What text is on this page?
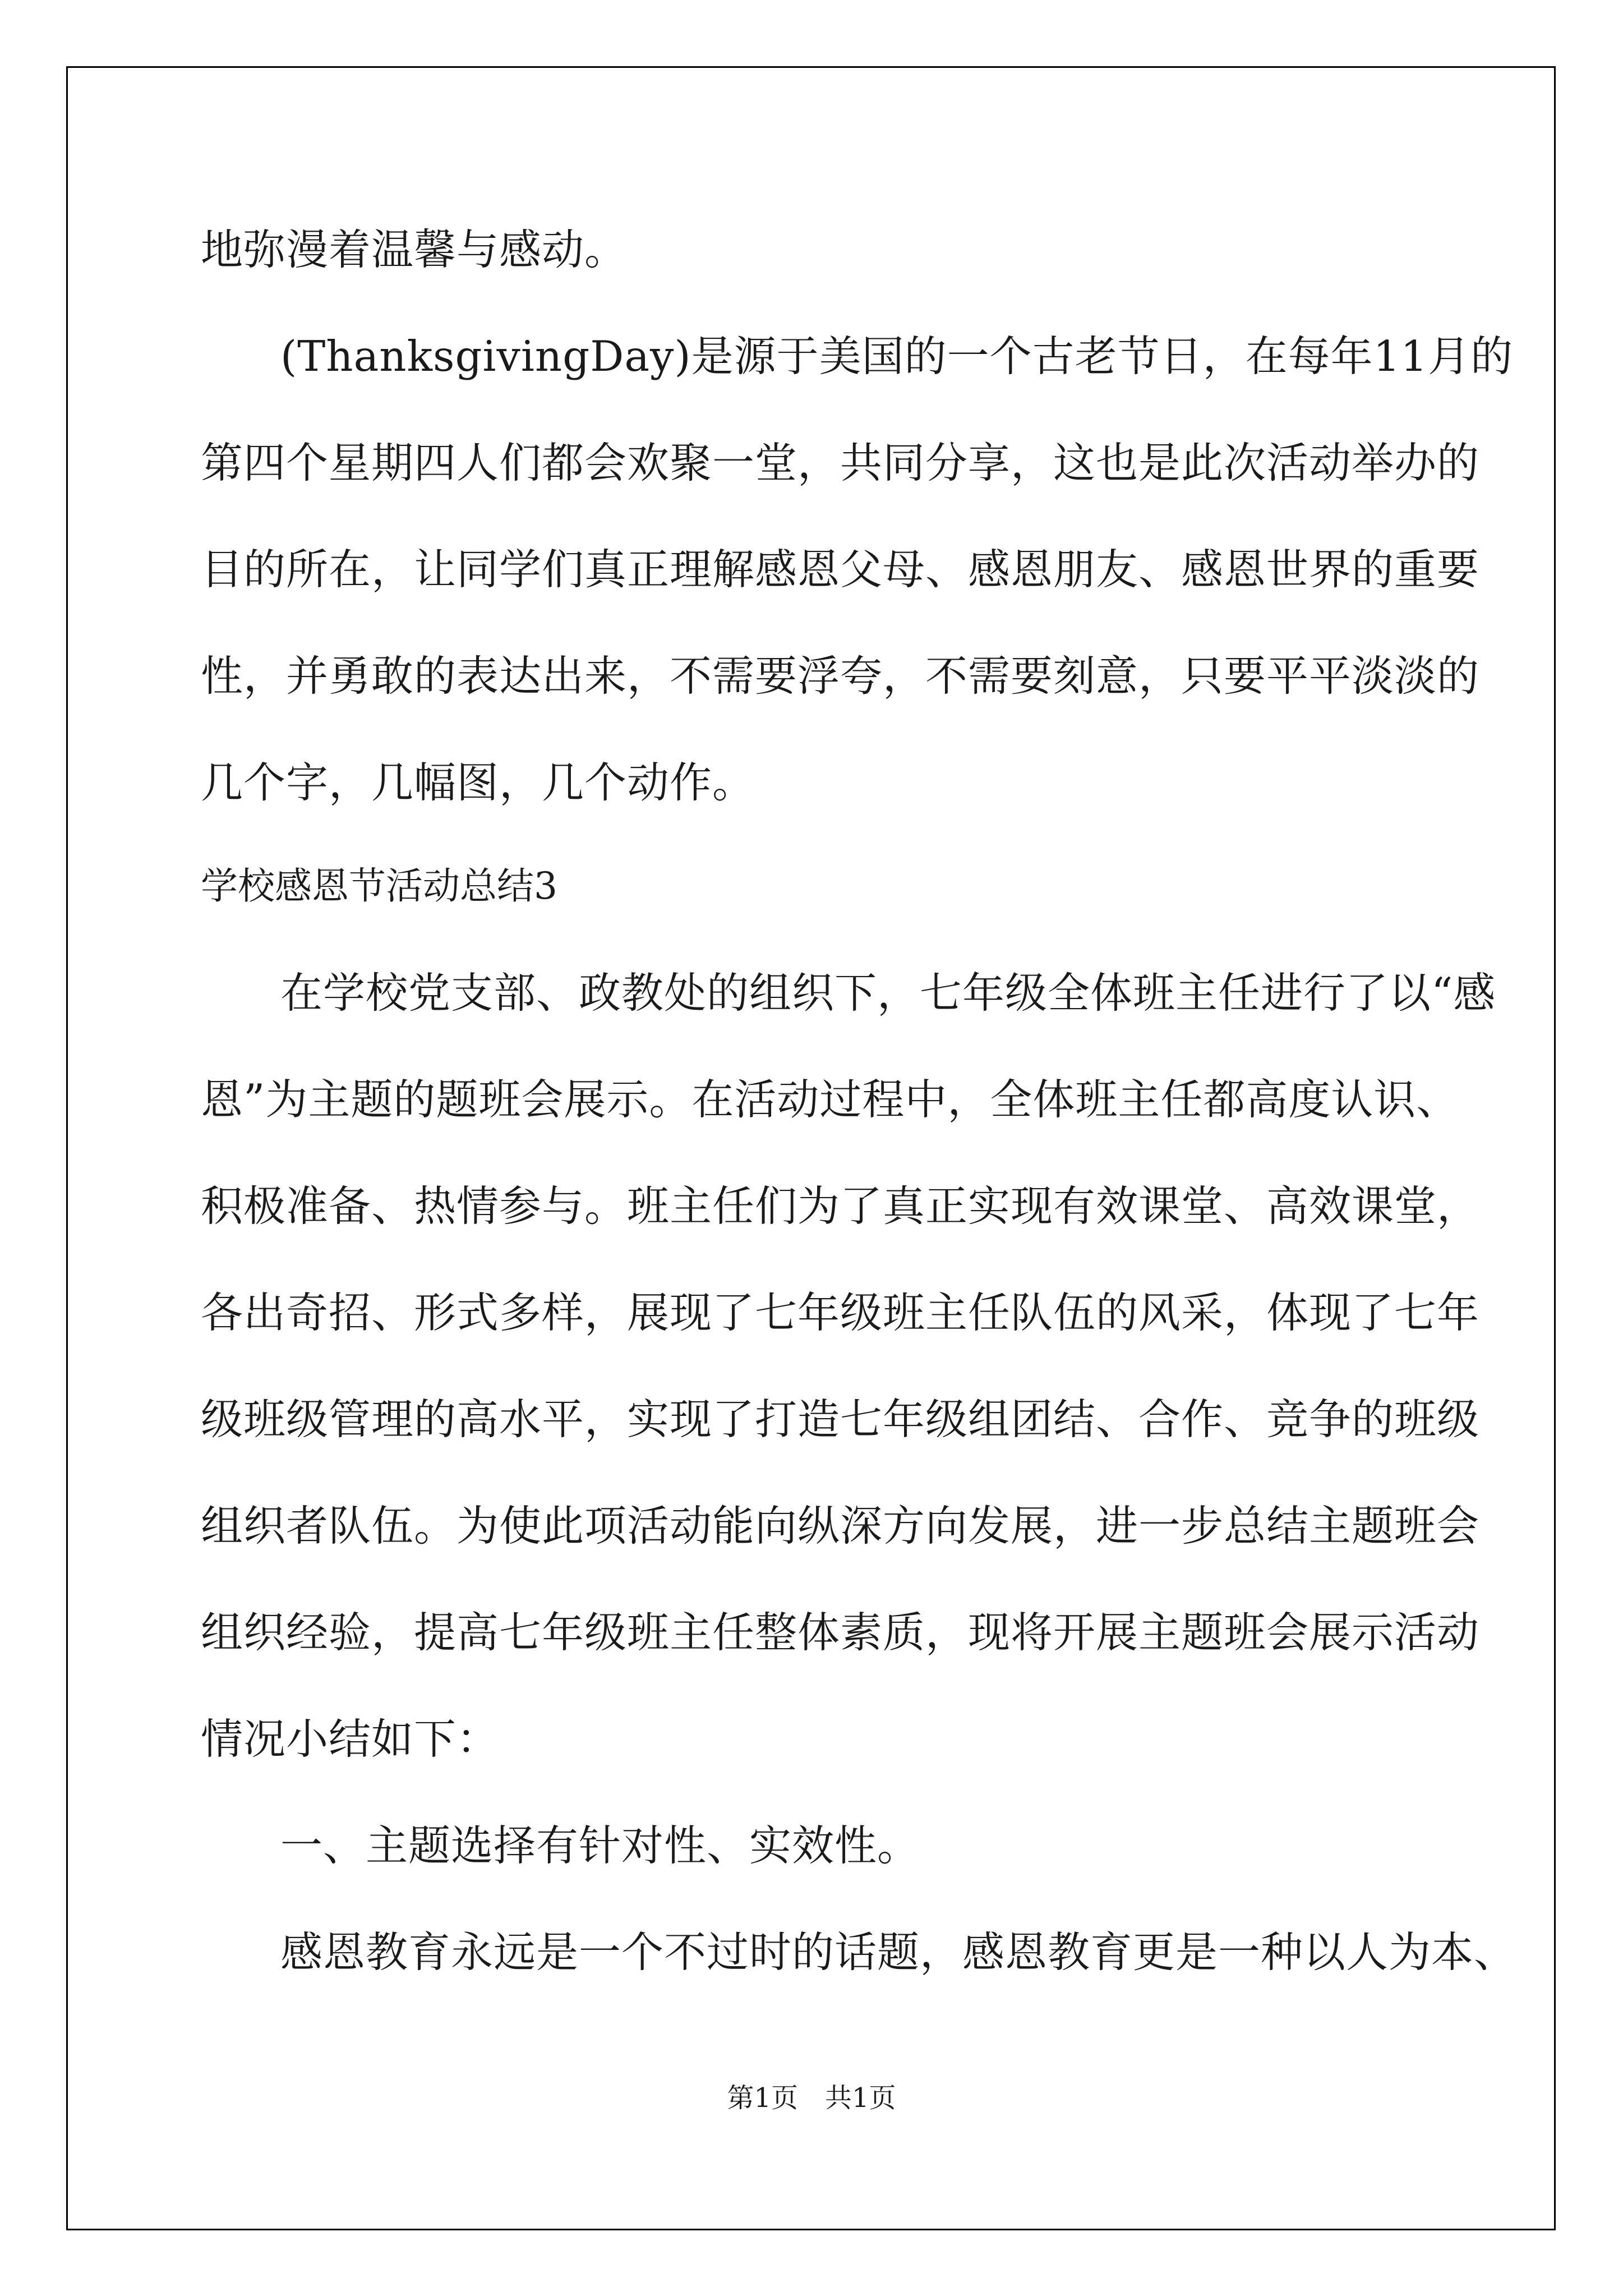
地弥漫着温馨与感动。
(ThanksgivingDay)是源于美国的一个古老节日，在每年11月的
第四个星期四人们都会欢聚一堂，共同分享，这也是此次活动举办的
目的所在，让同学们真正理解感恩父母、感恩朋友、感恩世界的重要
性，并勇敢的表达出来，不需要浮夸，不需要刻意，只要平平淡淡的
几个字，几幅图，几个动作。
学校感恩节活动总结3
在学校党支部、政教处的组织下，七年级全体班主任进行了以“感
恩”为主题的题班会展示。在活动过程中，全体班主任都高度认识、
积极准备、热情参与。班主任们为了真正实现有效课堂、高效课堂，
各出奇招、形式多样，展现了七年级班主任队伍的风采，体现了七年
级班级管理的高水平，实现了打造七年级组团结、合作、竞争的班级
组织者队伍。为使此项活动能向纵深方向发展，进一步总结主题班会
组织经验，提高七年级班主任整体素质，现将开展主题班会展示活动
情况小结如下：
一、主题选择有针对性、实效性。
感恩教育永远是一个不过时的话题，感恩教育更是一种以人为本、
第1页　共1页
